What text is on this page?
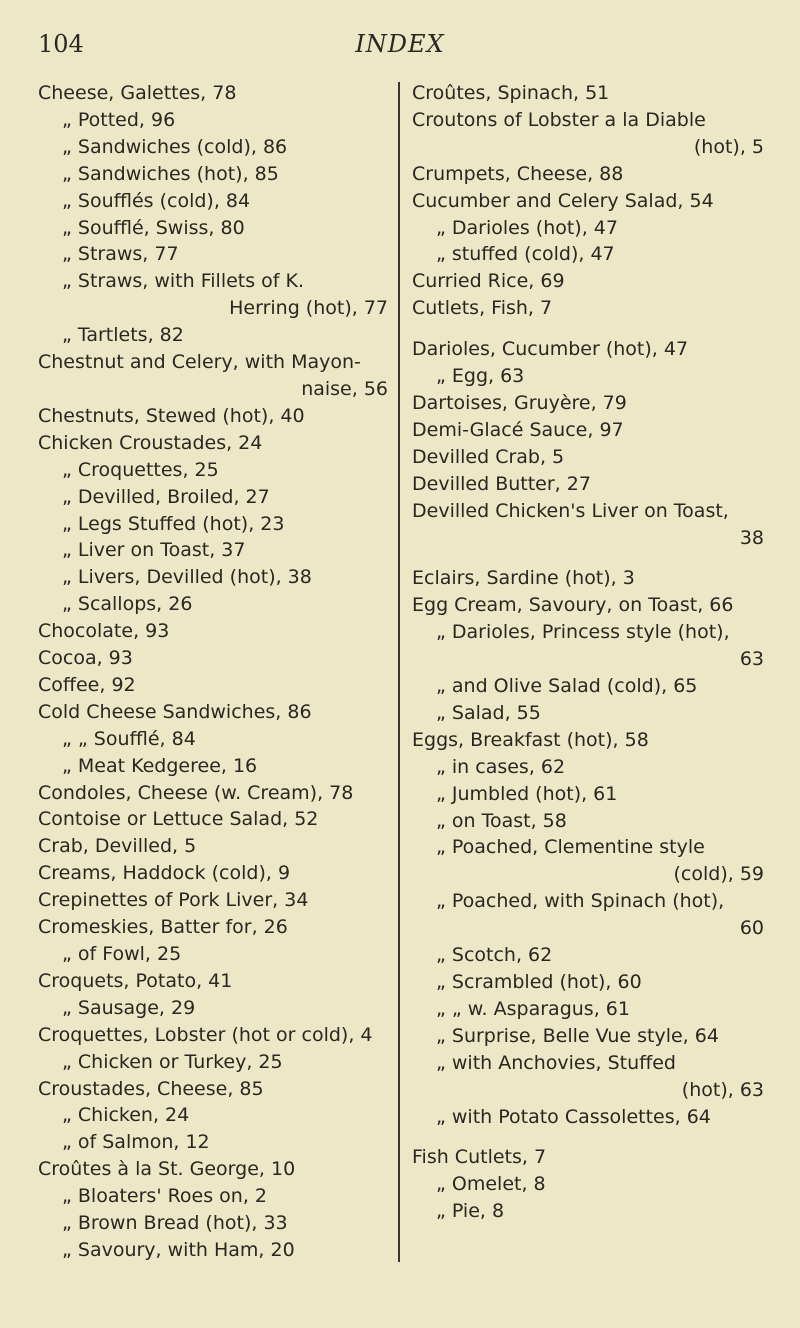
104	INDEX
Cheese, Galettes, 78
„ Potted, 96
„ Sandwiches (cold), 86
„ Sandwiches (hot), 85
„ Soufflés (cold), 84
„ Soufflé, Swiss, 80
„ Straws, 77
„ Straws, with Fillets of K.
Herring (hot), 77
„ Tartlets, 82
Chestnut and Celery, with Mayon-
naise, 56
Chestnuts, Stewed (hot), 40
Chicken Croustades, 24
„ Croquettes, 25
„ Devilled, Broiled, 27
„ Legs Stuffed (hot), 23
„ Liver on Toast, 37
„ Livers, Devilled (hot), 38
„ Scallops, 26
Chocolate, 93
Cocoa, 93
Coffee, 92
Cold Cheese Sandwiches, 86
„ „ Soufflé, 84
„ Meat Kedgeree, 16
Condoles, Cheese (w. Cream), 78
Contoise or Lettuce Salad, 52
Crab, Devilled, 5
Creams, Haddock (cold), 9
Crepinettes of Pork Liver, 34
Cromeskies, Batter for, 26
„ of Fowl, 25
Croquets, Potato, 41
„ Sausage, 29
Croquettes, Lobster (hot or cold), 4
„ Chicken or Turkey, 25
Croustades, Cheese, 85
„ Chicken, 24
„ of Salmon, 12
Croûtes à la St. George, 10
„ Bloaters' Roes on, 2
„ Brown Bread (hot), 33
„ Savoury, with Ham, 20
Croûtes, Spinach, 51
Croutons of Lobster a la Diable
(hot), 5
Crumpets, Cheese, 88
Cucumber and Celery Salad, 54
„ Darioles (hot), 47
„ stuffed (cold), 47
Curried Rice, 69
Cutlets, Fish, 7
Darioles, Cucumber (hot), 47
„ Egg, 63
Dartoises, Gruyère, 79
Demi-Glacé Sauce, 97
Devilled Crab, 5
Devilled Butter, 27
Devilled Chicken's Liver on Toast,
38
Eclairs, Sardine (hot), 3
Egg Cream, Savoury, on Toast, 66
„ Darioles, Princess style (hot),
63
„ and Olive Salad (cold), 65
„ Salad, 55
Eggs, Breakfast (hot), 58
„ in cases, 62
„ Jumbled (hot), 61
„ on Toast, 58
„ Poached, Clementine style
(cold), 59
„ Poached, with Spinach (hot),
60
„ Scotch, 62
„ Scrambled (hot), 60
„ „ w. Asparagus, 61
„ Surprise, Belle Vue style, 64
„ with Anchovies, Stuffed
(hot), 63
„ with Potato Cassolettes, 64
Fish Cutlets, 7
„ Omelet, 8
„ Pie, 8
